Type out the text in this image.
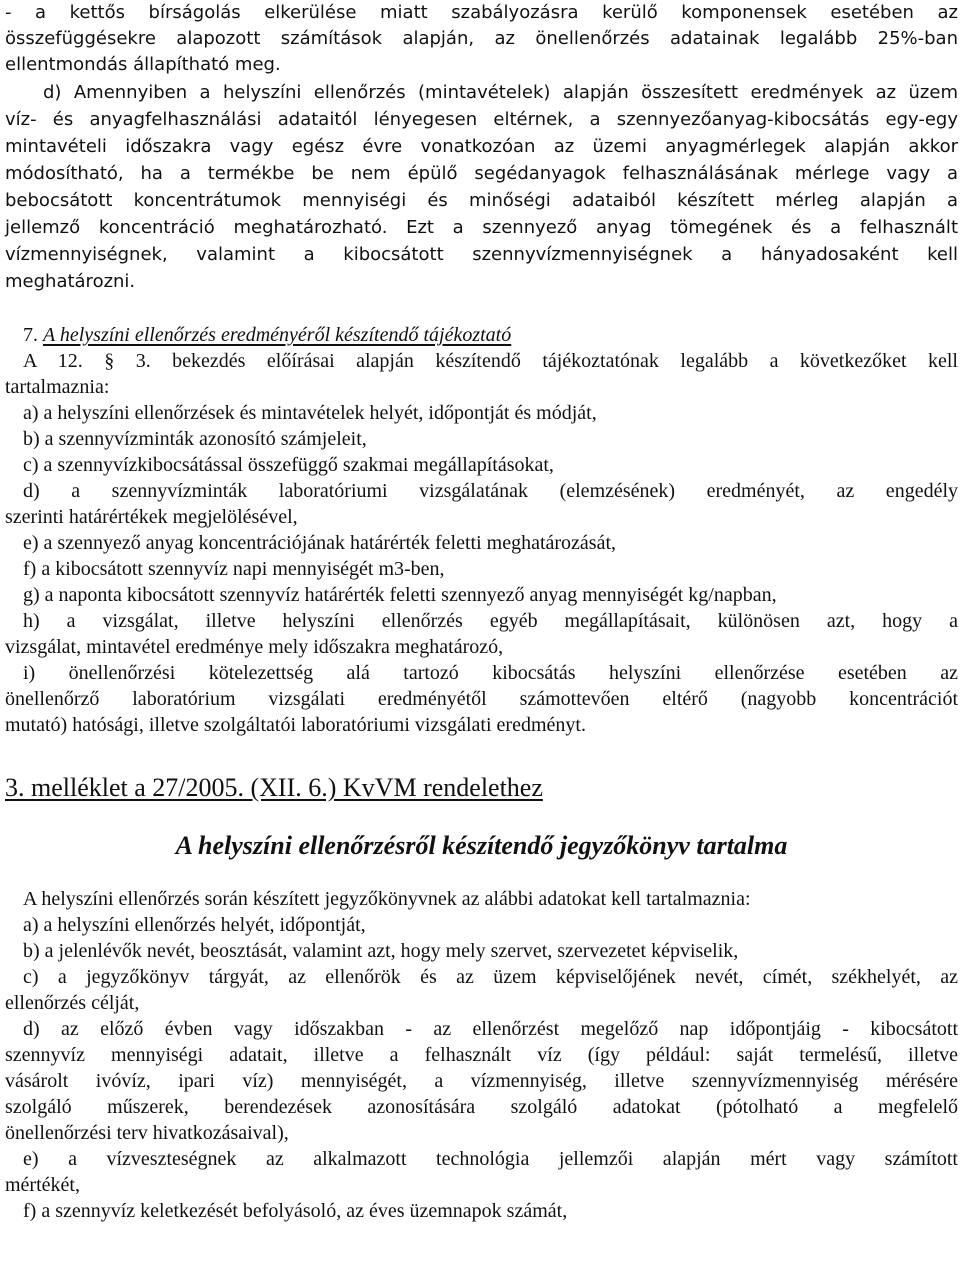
- a kettős bírságolás elkerülése miatt szabályozásra kerülő komponensek esetében az
összefüggésekre alapozott számítások alapján, az önellenőrzés adatainak legalább 25%-ban
ellentmondás állapítható meg.
d) Amennyiben a helyszíni ellenőrzés (mintavételek) alapján összesített eredmények az üzem
víz- és anyagfelhasználási adataitól lényegesen eltérnek, a szennyezőanyag-kibocsátás egy-egy
mintavételi időszakra vagy egész évre vonatkozóan az üzemi anyagmérlegek alapján akkor
módosítható, ha a termékbe be nem épülő segédanyagok felhasználásának mérlege vagy a
bebocsátott koncentrátumok mennyiségi és minőségi adataiból készített mérleg alapján a
jellemző koncentráció meghatározható. Ezt a szennyező anyag tömegének és a felhasznált
vízmennyiségnek, valamint a kibocsátott szennyvízmennyiségnek a hányadosaként kell
meghatározni.
7. A helyszíni ellenőrzés eredményéről készítendő tájékoztató
A 12. § 3. bekezdés előírásai alapján készítendő tájékoztatónak legalább a következőket kell
tartalmaznia:
a) a helyszíni ellenőrzések és mintavételek helyét, időpontját és módját,
b) a szennyvízminták azonosító számjeleit,
c) a szennyvízkibocsátással összefüggő szakmai megállapításokat,
d) a szennyvízminták laboratóriumi vizsgálatának (elemzésének) eredményét, az engedély
szerinti határértékek megjelölésével,
e) a szennyező anyag koncentrációjának határérték feletti meghatározását,
f) a kibocsátott szennyvíz napi mennyiségét m3-ben,
g) a naponta kibocsátott szennyvíz határérték feletti szennyező anyag mennyiségét kg/napban,
h) a vizsgálat, illetve helyszíni ellenőrzés egyéb megállapításait, különösen azt, hogy a
vizsgálat, mintavétel eredménye mely időszakra meghatározó,
i) önellenőrzési kötelezettség alá tartozó kibocsátás helyszíni ellenőrzése esetében az
önellenőrző laboratórium vizsgálati eredményétől számottevően eltérő (nagyobb koncentrációt
mutató) hatósági, illetve szolgáltatói laboratóriumi vizsgálati eredményt.
3. melléklet a 27/2005. (XII. 6.) KvVM rendelethez
A helyszíni ellenőrzésről készítendő jegyzőkönyv tartalma
A helyszíni ellenőrzés során készített jegyzőkönyvnek az alábbi adatokat kell tartalmaznia:
a) a helyszíni ellenőrzés helyét, időpontját,
b) a jelenlévők nevét, beosztását, valamint azt, hogy mely szervet, szervezetet képviselik,
c) a jegyzőkönyv tárgyát, az ellenőrök és az üzem képviselőjének nevét, címét, székhelyét, az
ellenőrzés célját,
d) az előző évben vagy időszakban - az ellenőrzést megelőző nap időpontjáig - kibocsátott
szennyvíz mennyiségi adatait, illetve a felhasznált víz (így például: saját termelésű, illetve
vásárolt ivóvíz, ipari víz) mennyiségét, a vízmennyiség, illetve szennyvízmennyiség mérésére
szolgáló műszerek, berendezések azonosítására szolgáló adatokat (pótolható a megfelelő
önellenőrzési terv hivatkozásaival),
e) a vízveszteségnek az alkalmazott technológia jellemzői alapján mért vagy számított
mértékét,
f) a szennyvíz keletkezését befolyásoló, az éves üzemnapok számát,
